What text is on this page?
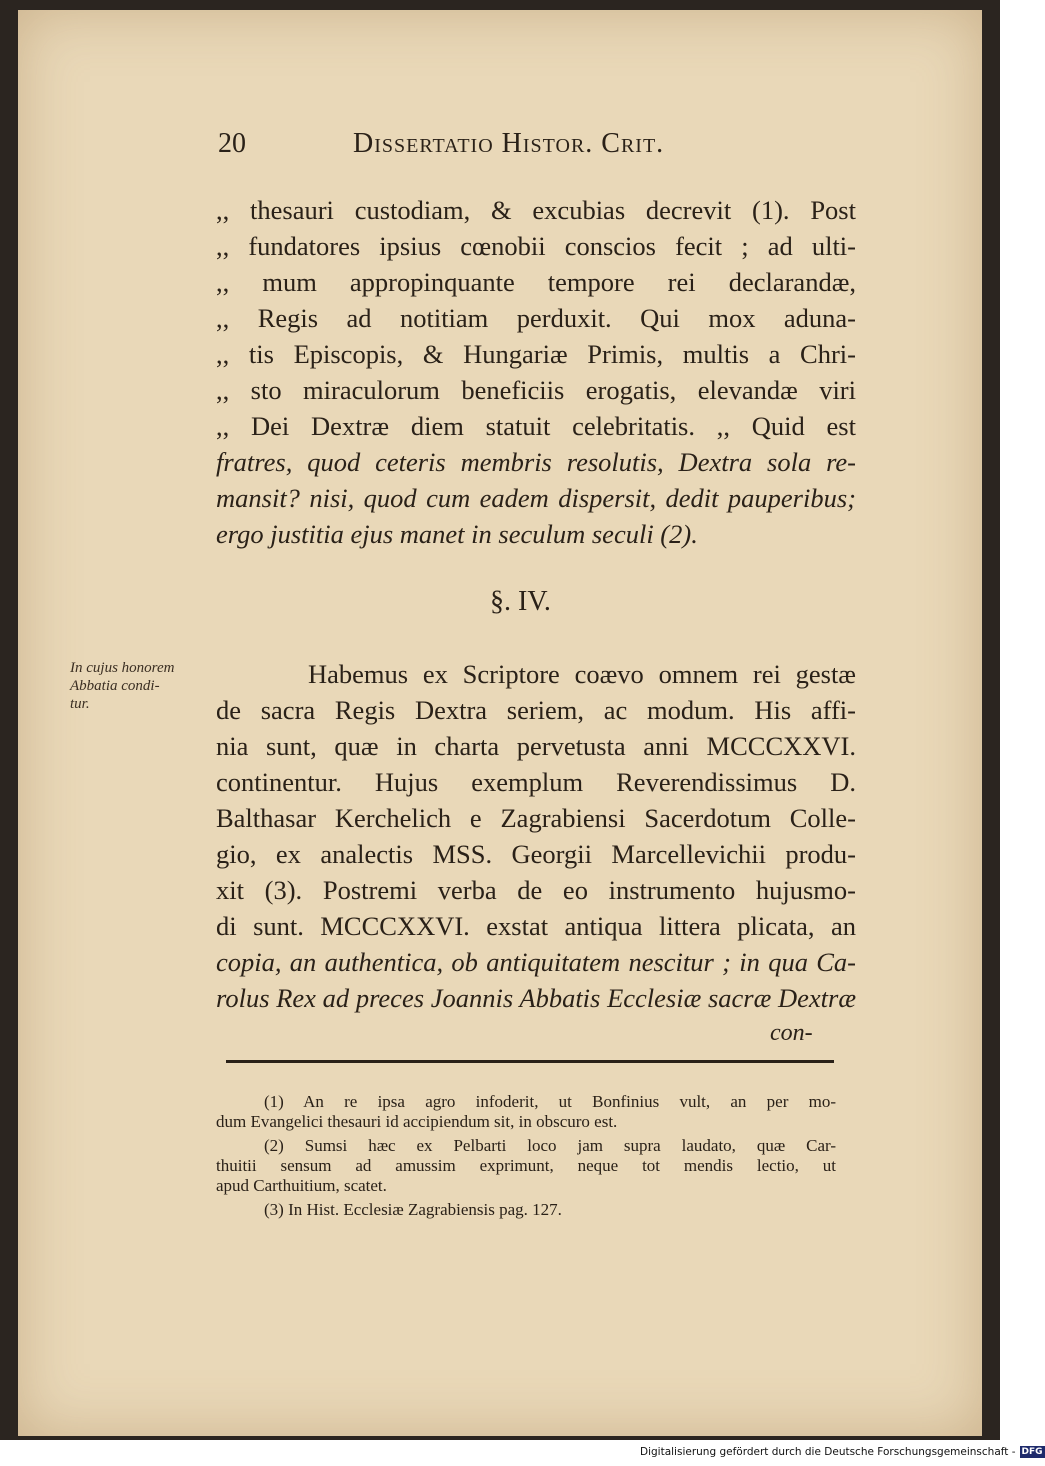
20	Dissertatio Histor. Crit.
,, thesauri custodiam, & excubias decrevit (1). Post
,, fundatores ipsius cœnobii conscios fecit ; ad ulti-
,, mum appropinquante tempore rei declarandæ,
,, Regis ad notitiam perduxit. Qui mox aduna-
,, tis Episcopis, & Hungariæ Primis, multis a Chri-
,, sto miraculorum beneficiis erogatis, elevandæ viri
,, Dei Dextræ diem statuit celebritatis. ,, Quid est
fratres, quod ceteris membris resolutis, Dextra sola re-
mansit? nisi, quod cum eadem dispersit, dedit pauperibus;
ergo justitia ejus manet in seculum seculi (2).
§. IV.
In cujus honorem
Abbatia condi-
tur.
Habemus ex Scriptore coævo omnem rei gestæ
de sacra Regis Dextra seriem, ac modum. His affi-
nia sunt, quæ in charta pervetusta anni MCCCXXVI.
continentur. Hujus exemplum Reverendissimus D.
Balthasar Kerchelich e Zagrabiensi Sacerdotum Colle-
gio, ex analectis MSS. Georgii Marcellevichii produ-
xit (3). Postremi verba de eo instrumento hujusmo-
di sunt. MCCCXXVI. exstat antiqua littera plicata, an
copia, an authentica, ob antiquitatem nescitur ; in qua Ca-
rolus Rex ad preces Joannis Abbatis Ecclesiæ sacræ Dextræ
con-
(1) An re ipsa agro infoderit, ut Bonfinius vult, an per mo-
dum Evangelici thesauri id accipiendum sit, in obscuro est.
(2) Sumsi hæc ex Pelbarti loco jam supra laudato, quæ Car-
thuitii sensum ad amussim exprimunt, neque tot mendis lectio, ut
apud Carthuitium, scatet.
(3) In Hist. Ecclesiæ Zagrabiensis pag. 127.
Digitalisierung gefördert durch die Deutsche Forschungsgemeinschaft - DFG
